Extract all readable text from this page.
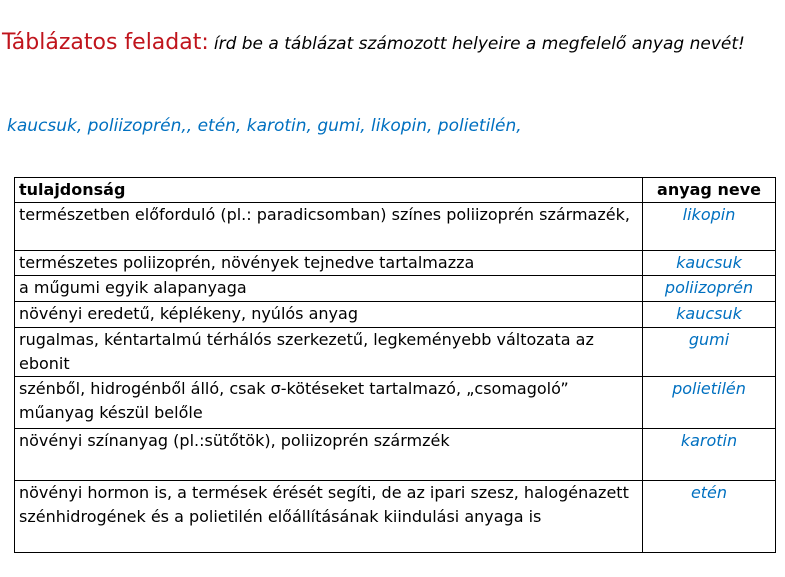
Táblázatos feladat: írd be a táblázat számozott helyeire a megfelelő anyag nevét!

kaucsuk, poliizoprén,, etén, karotin, gumi, likopin, polietilén,

tulajdonság	anyag neve
természetben előforduló (pl.: paradicsomban) színes poliizoprén származék,	likopin
természetes poliizoprén, növények tejnedve tartalmazza	kaucsuk
a műgumi egyik alapanyaga	poliizoprén
növényi eredetű, képlékeny, nyúlós anyag	kaucsuk
rugalmas, kéntartalmú térhálós szerkezetű, legkeményebb változata az ebonit	gumi
szénből, hidrogénből álló, csak σ-kötéseket tartalmazó, „csomagoló” műanyag készül belőle	polietilén
növényi színanyag (pl.:sütőtök), poliizoprén szármzék	karotin
növényi hormon is, a termések érését segíti, de az ipari szesz, halogénazett szénhidrogének és a polietilén előállításának kiindulási anyaga is	etén
